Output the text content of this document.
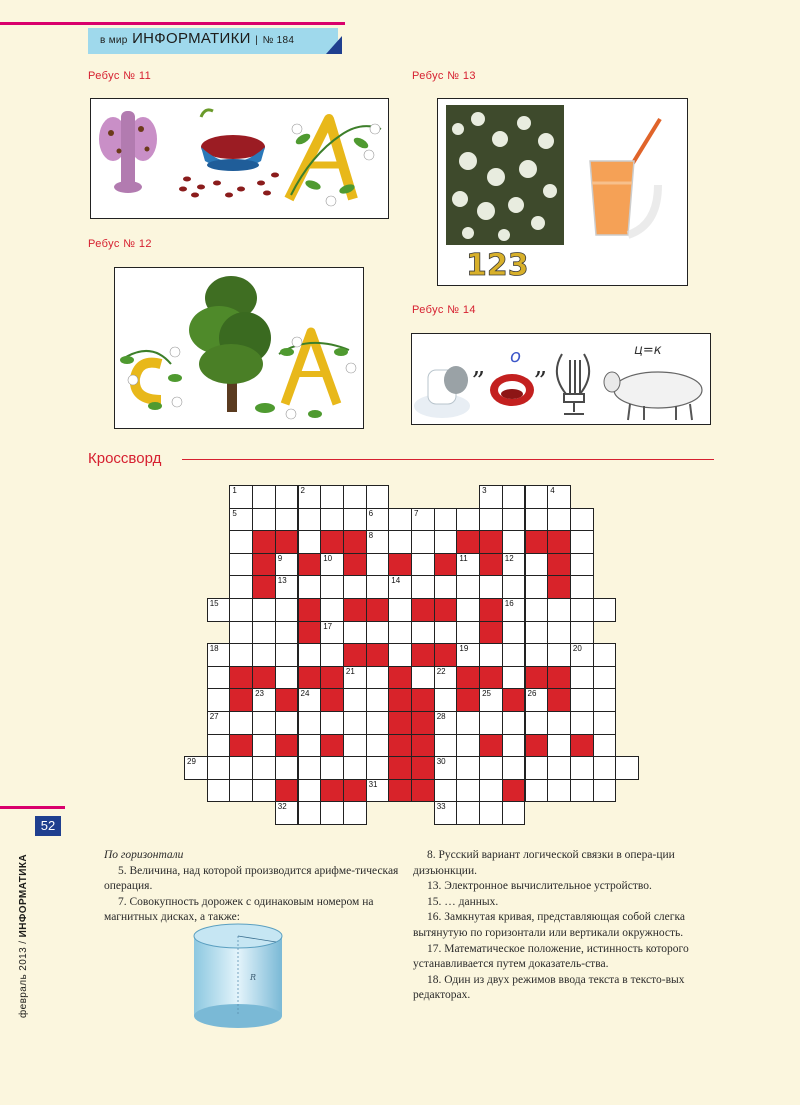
в мир ИНФОРМАТИКИ | № 184
Ребус № 11
Ребус № 12
Ребус № 13
123
Ребус № 14
„ о „
ц=к
Кроссворд
1	2	3	4
5	6	7
8
9	10	11	12
13	14
15	16
17
18	19	20
21	22
23	24	25	26
27	28
29	30
31
32	33
52
февраль 2013 / ИНФОРМАТИКА	По горизонтали

5. Величина, над которой производится арифме-тическая операция.

7. Совокупность дорожек с одинаковым номером на магнитных дисках, а также:

R

8. Русский вариант логической связки в опера-ции дизъюнкции.

13. Электронное вычислительное устройство.

15. … данных.

16. Замкнутая кривая, представляющая собой слегка вытянутую по горизонтали или вертикали окружность.

17. Математическое положение, истинность которого устанавливается путем доказатель-ства.

18. Один из двух режимов ввода текста в тексто-вых редакторах.
